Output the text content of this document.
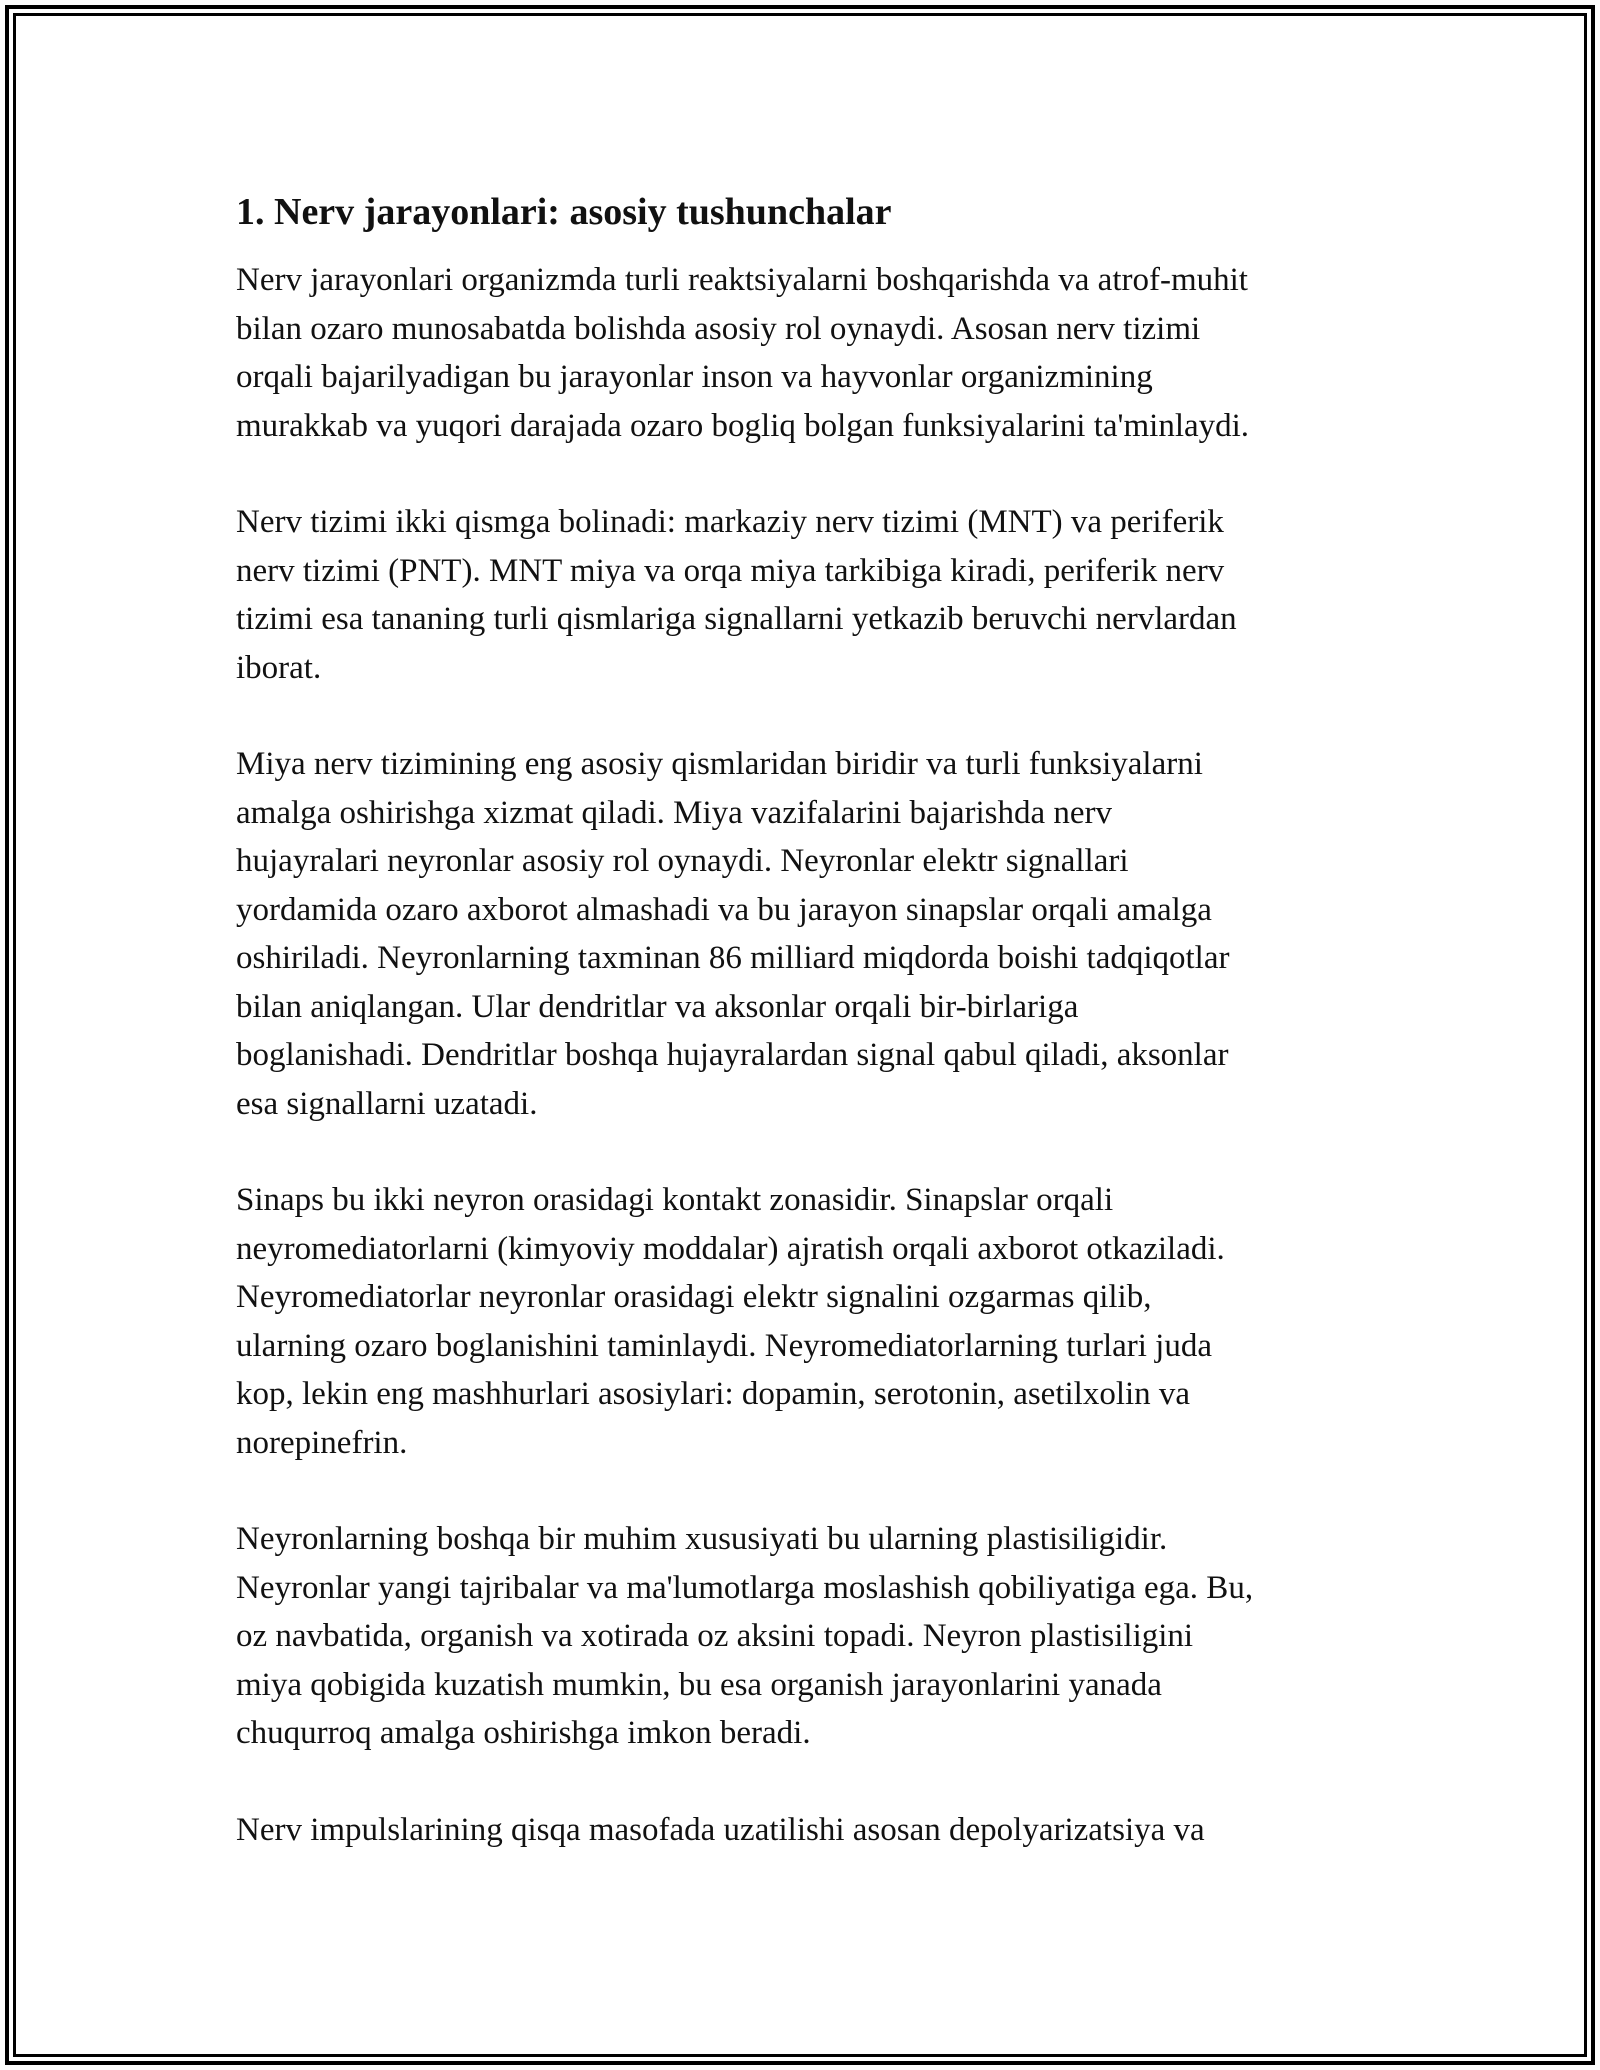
1. Nerv jarayonlari: asosiy tushunchalar
Nerv jarayonlari organizmda turli reaktsiyalarni boshqarishda va atrof-muhit
bilan ozaro munosabatda bolishda asosiy rol oynaydi. Asosan nerv tizimi
orqali bajarilyadigan bu jarayonlar inson va hayvonlar organizmining
murakkab va yuqori darajada ozaro bogliq bolgan funksiyalarini ta'minlaydi.
Nerv tizimi ikki qismga bolinadi: markaziy nerv tizimi (MNT) va periferik
nerv tizimi (PNT). MNT miya va orqa miya tarkibiga kiradi, periferik nerv
tizimi esa tananing turli qismlariga signallarni yetkazib beruvchi nervlardan
iborat.
Miya nerv tizimining eng asosiy qismlaridan biridir va turli funksiyalarni
amalga oshirishga xizmat qiladi. Miya vazifalarini bajarishda nerv
hujayralari neyronlar asosiy rol oynaydi. Neyronlar elektr signallari
yordamida ozaro axborot almashadi va bu jarayon sinapslar orqali amalga
oshiriladi. Neyronlarning taxminan 86 milliard miqdorda boishi tadqiqotlar
bilan aniqlangan. Ular dendritlar va aksonlar orqali bir-birlariga
boglanishadi. Dendritlar boshqa hujayralardan signal qabul qiladi, aksonlar
esa signallarni uzatadi.
Sinaps bu ikki neyron orasidagi kontakt zonasidir. Sinapslar orqali
neyromediatorlarni (kimyoviy moddalar) ajratish orqali axborot otkaziladi.
Neyromediatorlar neyronlar orasidagi elektr signalini ozgarmas qilib,
ularning ozaro boglanishini taminlaydi. Neyromediatorlarning turlari juda
kop, lekin eng mashhurlari asosiylari: dopamin, serotonin, asetilxolin va
norepinefrin.
Neyronlarning boshqa bir muhim xususiyati bu ularning plastisiligidir.
Neyronlar yangi tajribalar va ma'lumotlarga moslashish qobiliyatiga ega. Bu,
oz navbatida, organish va xotirada oz aksini topadi. Neyron plastisiligini
miya qobigida kuzatish mumkin, bu esa organish jarayonlarini yanada
chuqurroq amalga oshirishga imkon beradi.
Nerv impulslarining qisqa masofada uzatilishi asosan depolyarizatsiya va
